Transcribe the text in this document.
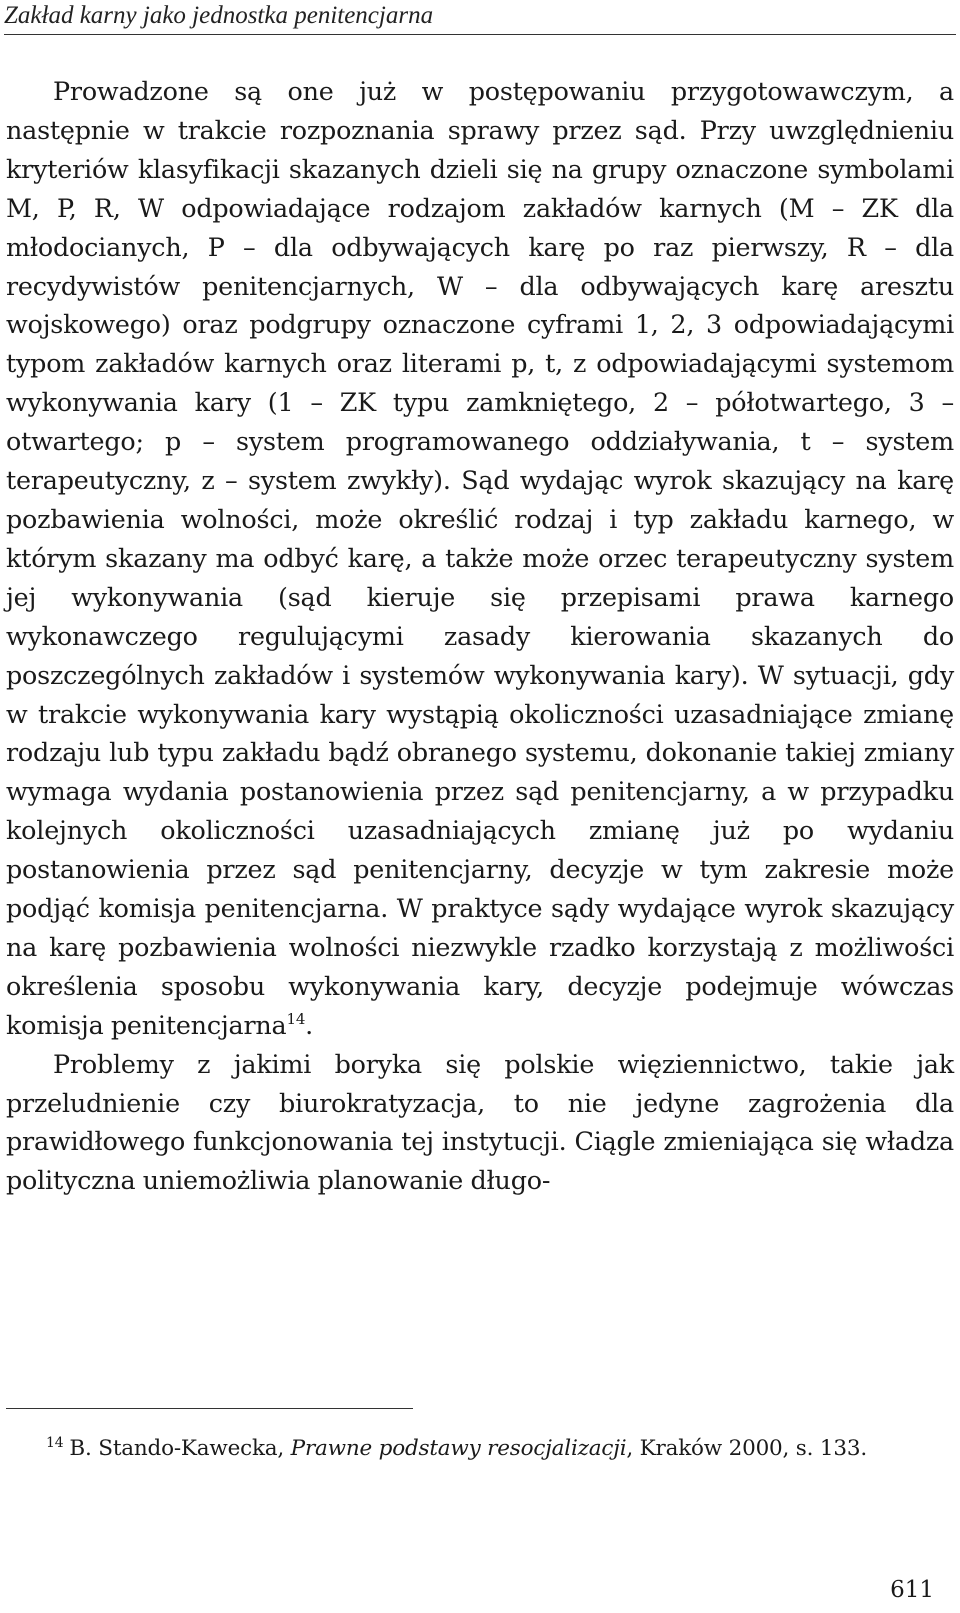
Zakład karny jako jednostka penitencjarna

Prowadzone są one już w postępowaniu przygotowawczym, a następnie w trakcie rozpoznania sprawy przez sąd. Przy uwzględnieniu kryteriów klasyfikacji skazanych dzieli się na grupy oznaczone symbolami M, P, R, W odpowiadające rodzajom zakładów karnych (M – ZK dla młodocianych, P – dla odbywających karę po raz pierwszy, R – dla recydywistów penitencjarnych, W – dla odbywających karę aresztu wojskowego) oraz podgrupy oznaczone cyframi 1, 2, 3 odpowiadającymi typom zakładów karnych oraz literami p, t, z odpowiadającymi systemom wykonywania kary (1 – ZK typu zamkniętego, 2 – półotwartego, 3 – otwartego; p – system programowanego oddziaływania, t – system terapeutyczny, z – system zwykły). Sąd wydając wyrok skazujący na karę pozbawienia wolności, może określić rodzaj i typ zakładu karnego, w którym skazany ma odbyć karę, a także może orzec terapeutyczny system jej wykonywania (sąd kieruje się przepisami prawa karnego wykonawczego regulującymi zasady kierowania skazanych do poszczególnych zakładów i systemów wykonywania kary). W sytuacji, gdy w trakcie wykonywania kary wystąpią okoliczności uzasadniające zmianę rodzaju lub typu zakładu bądź obranego systemu, dokonanie takiej zmiany wymaga wydania postanowienia przez sąd penitencjarny, a w przypadku kolejnych okoliczności uzasadniających zmianę już po wydaniu postanowienia przez sąd penitencjarny, decyzje w tym zakresie może podjąć komisja penitencjarna. W praktyce sądy wydające wyrok skazujący na karę pozbawienia wolności niezwykle rzadko korzystają z możliwości określenia sposobu wykonywania kary, decyzje podejmuje wówczas komisja penitencjarna$^{14}$.

Problemy z jakimi boryka się polskie więziennictwo, takie jak przeludnienie czy biurokratyzacja, to nie jedyne zagrożenia dla prawidłowego funkcjonowania tej instytucji. Ciągle zmieniająca się władza polityczna uniemożliwia planowanie długo-

$^{14}$ B. Stando-Kawecka, Prawne podstawy resocjalizacji, Kraków 2000, s. 133.
611
